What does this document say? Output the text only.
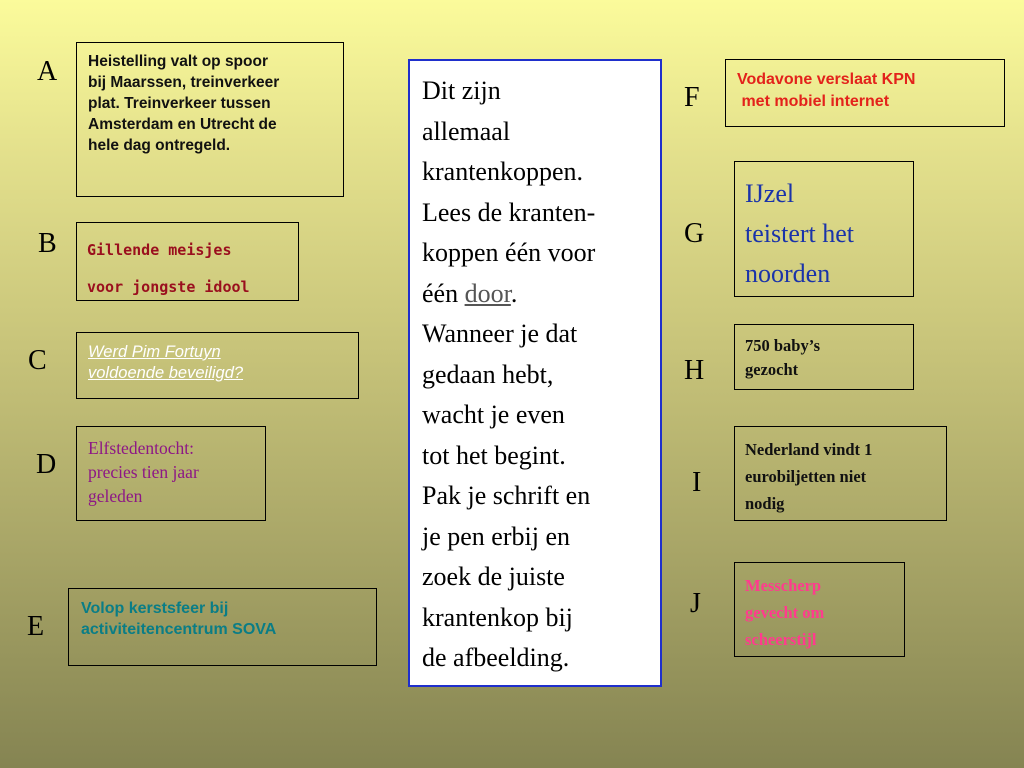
A
B
C
D
E
F
G
H
I
J
Heistelling valt op spoor
bij Maarssen, treinverkeer
plat. Treinverkeer tussen
Amsterdam en Utrecht de
hele dag ontregeld.
Gillende meisjes
voor jongste idool
Werd Pim Fortuyn
voldoende beveiligd?
Elfstedentocht:
precies tien jaar
geleden
Volop kerstsfeer bij
activiteitencentrum SOVA
Dit zijn
allemaal
krantenkoppen.
Lees de kranten-
koppen één voor
één door.
Wanneer je dat
gedaan hebt,
wacht je even
tot het begint.
Pak je schrift en
je pen erbij en
zoek de juiste
krantenkop bij
de afbeelding.
Vodavone verslaat KPN
met mobiel internet
IJzel
teistert het
noorden
750 baby’s
gezocht
Nederland vindt 1
eurobiljetten niet
nodig
Messcherp
gevecht om
scheerstijl
